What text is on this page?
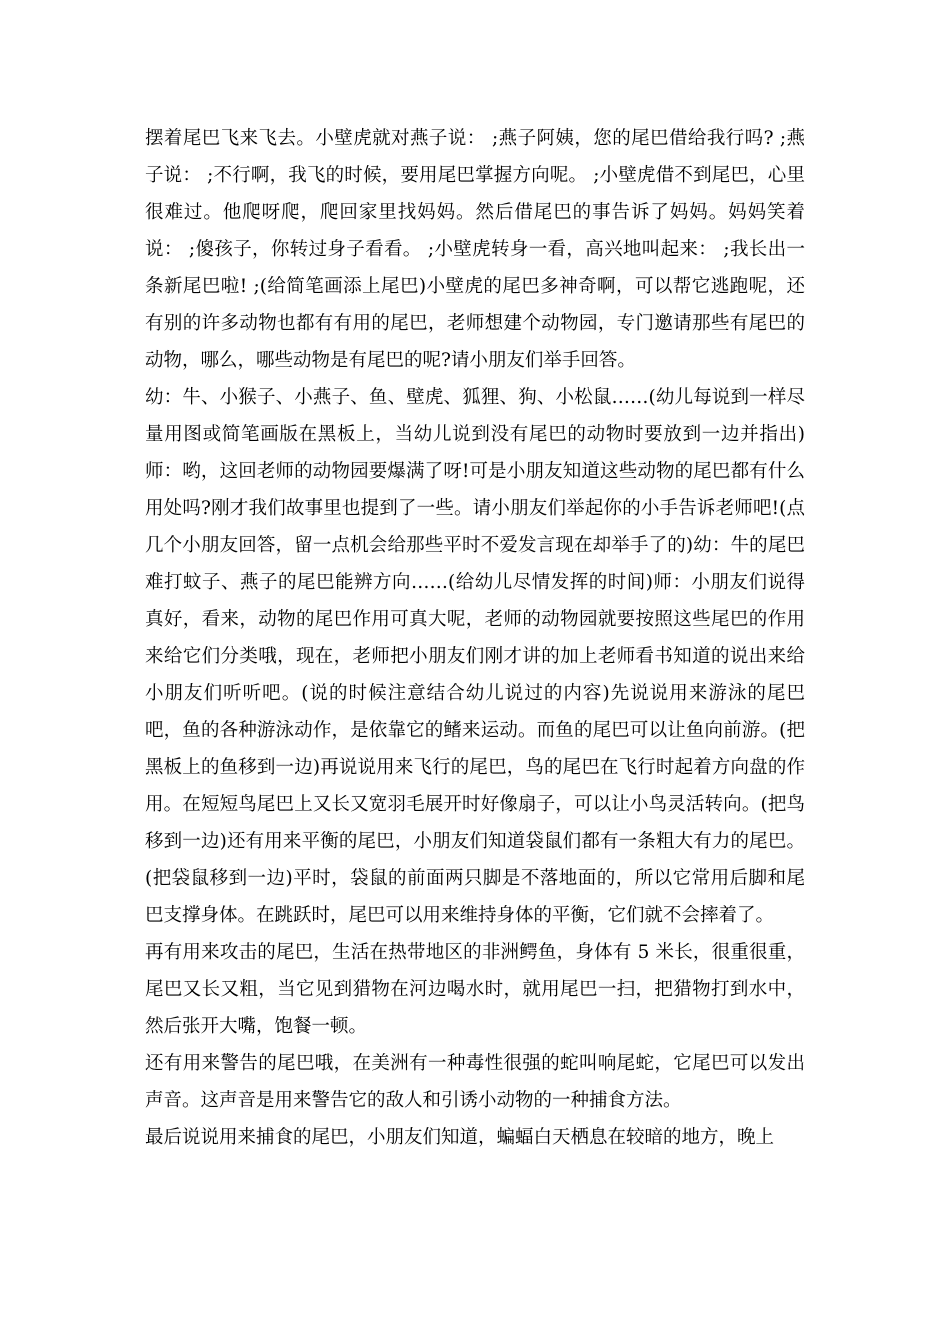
摆着尾巴飞来飞去。小壁虎就对燕子说： ;燕子阿姨，您的尾巴借给我行吗? ;燕子说： ;不行啊，我飞的时候，要用尾巴掌握方向呢。 ;小壁虎借不到尾巴，心里很难过。他爬呀爬，爬回家里找妈妈。然后借尾巴的事告诉了妈妈。妈妈笑着说： ;傻孩子，你转过身子看看。 ;小壁虎转身一看，高兴地叫起来： ;我长出一条新尾巴啦! ;(给简笔画添上尾巴)小壁虎的尾巴多神奇啊，可以帮它逃跑呢，还有别的许多动物也都有有用的尾巴，老师想建个动物园，专门邀请那些有尾巴的动物，哪么，哪些动物是有尾巴的呢?请小朋友们举手回答。

幼：牛、小猴子、小燕子、鱼、壁虎、狐狸、狗、小松鼠……(幼儿每说到一样尽量用图或简笔画版在黑板上，当幼儿说到没有尾巴的动物时要放到一边并指出)师：哟，这回老师的动物园要爆满了呀!可是小朋友知道这些动物的尾巴都有什么用处吗?刚才我们故事里也提到了一些。请小朋友们举起你的小手告诉老师吧!(点几个小朋友回答，留一点机会给那些平时不爱发言现在却举手了的)幼：牛的尾巴难打蚊子、燕子的尾巴能辨方向……(给幼儿尽情发挥的时间)师：小朋友们说得真好，看来，动物的尾巴作用可真大呢，老师的动物园就要按照这些尾巴的作用来给它们分类哦，现在，老师把小朋友们刚才讲的加上老师看书知道的说出来给小朋友们听听吧。(说的时候注意结合幼儿说过的内容)先说说用来游泳的尾巴吧，鱼的各种游泳动作，是依靠它的鳍来运动。而鱼的尾巴可以让鱼向前游。(把黑板上的鱼移到一边)再说说用来飞行的尾巴，鸟的尾巴在飞行时起着方向盘的作用。在短短鸟尾巴上又长又宽羽毛展开时好像扇子，可以让小鸟灵活转向。(把鸟移到一边)还有用来平衡的尾巴，小朋友们知道袋鼠们都有一条粗大有力的尾巴。(把袋鼠移到一边)平时，袋鼠的前面两只脚是不落地面的，所以它常用后脚和尾巴支撑身体。在跳跃时，尾巴可以用来维持身体的平衡，它们就不会摔着了。

再有用来攻击的尾巴，生活在热带地区的非洲鳄鱼，身体有 5 米长，很重很重，尾巴又长又粗，当它见到猎物在河边喝水时，就用尾巴一扫，把猎物打到水中，然后张开大嘴，饱餐一顿。

还有用来警告的尾巴哦，在美洲有一种毒性很强的蛇叫响尾蛇，它尾巴可以发出声音。这声音是用来警告它的敌人和引诱小动物的一种捕食方法。

最后说说用来捕食的尾巴，小朋友们知道，蝙蝠白天栖息在较暗的地方，晚上
